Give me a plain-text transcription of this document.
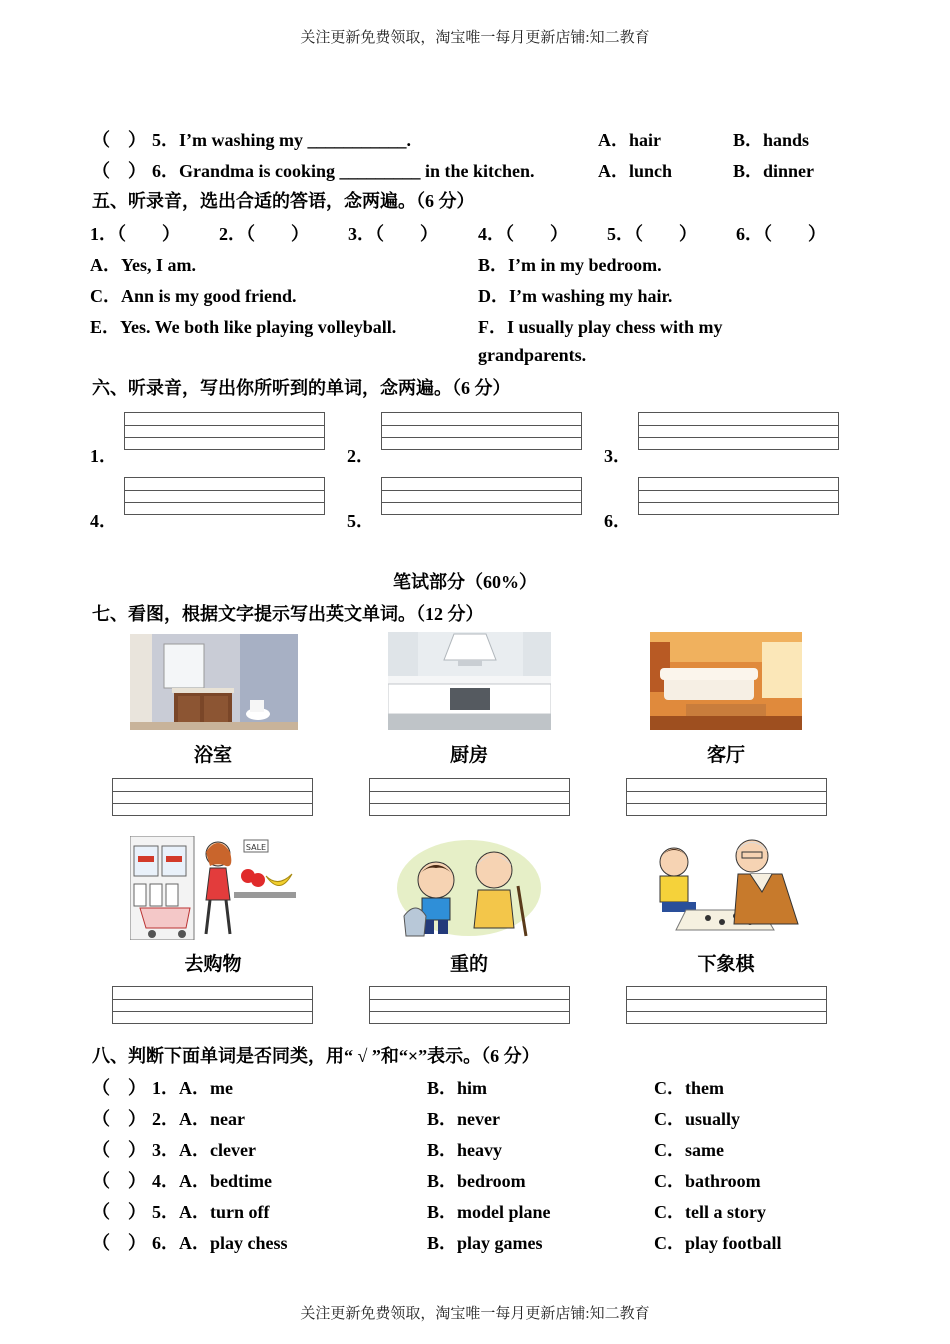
关注更新免费领取，淘宝唯一每月更新店铺:知二教育
关注更新免费领取，淘宝唯一每月更新店铺:知二教育
（　） 5．I’m washing my ___________.	A．hair	B．hands
（　） 6．Grandma is cooking _________ in the kitchen.	A．lunch	B．dinner
五、听录音，选出合适的答语，念两遍。（6 分）
1．（　　） 2．（　　） 3．（　　） 4．（　　） 5．（　　） 6．（　　）
A．Yes, I am.	B．I’m in my bedroom.
C．Ann is my good friend.	D．I’m washing my hair.
E．Yes. We both like playing volleyball.	F．I usually play chess with my
grandparents.
六、听录音，写出你所听到的单词，念两遍。（6 分）
1．	2．	3．
4．	5．	6．
笔试部分（60%）
七、看图，根据文字提示写出英文单词。（12 分）
浴室	厨房	客厅
SALE
去购物	重的	下象棋
八、判断下面单词是否同类，用“ √ ”和“×”表示。（6 分）
（　） 1．A．me	B．him	C．them
（　） 2．A．near	B．never	C．usually
（　） 3．A．clever	B．heavy	C．same
（　） 4．A．bedtime	B．bedroom	C．bathroom
（　） 5．A．turn off	B．model plane	C．tell a story
（　） 6．A．play chess	B．play games	C．play football
